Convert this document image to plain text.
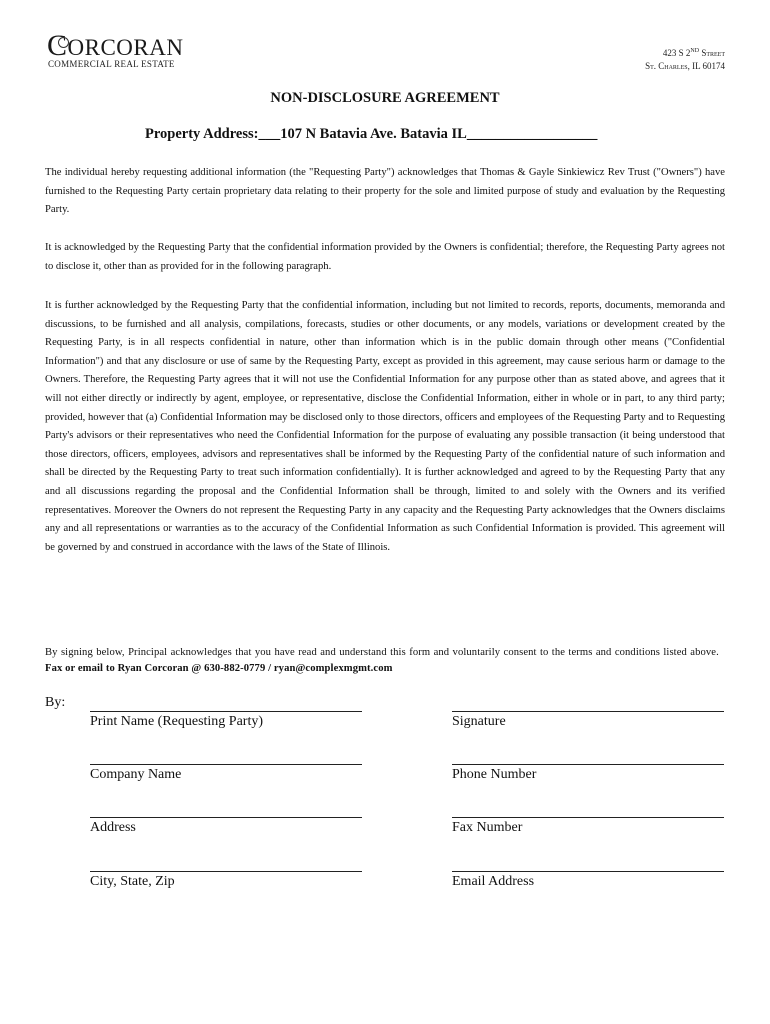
CORCORAN
COMMERCIAL REAL ESTATE
423 S 2ND Street
St. Charles, IL 60174
NON-DISCLOSURE AGREEMENT
Property Address:___107 N Batavia Ave. Batavia IL__________________
The individual hereby requesting additional information (the "Requesting Party") acknowledges that Thomas & Gayle Sinkiewicz Rev Trust ("Owners") have furnished to the Requesting Party certain proprietary data relating to their property for the sole and limited purpose of study and evaluation by the Requesting Party.
It is acknowledged by the Requesting Party that the confidential information provided by the Owners is confidential; therefore, the Requesting Party agrees not to disclose it, other than as provided for in the following paragraph.
It is further acknowledged by the Requesting Party that the confidential information, including but not limited to records, reports, documents, memoranda and discussions, to be furnished and all analysis, compilations, forecasts, studies or other documents, or any models, variations or development created by the Requesting Party, is in all respects confidential in nature, other than information which is in the public domain through other means ("Confidential Information") and that any disclosure or use of same by the Requesting Party, except as provided in this agreement, may cause serious harm or damage to the Owners. Therefore, the Requesting Party agrees that it will not use the Confidential Information for any purpose other than as stated above, and agrees that it will not either directly or indirectly by agent, employee, or representative, disclose the Confidential Information, either in whole or in part, to any third party; provided, however that (a) Confidential Information may be disclosed only to those directors, officers and employees of the Requesting Party and to Requesting Party's advisors or their representatives who need the Confidential Information for the purpose of evaluating any possible transaction (it being understood that those directors, officers, employees, advisors and representatives shall be informed by the Requesting Party of the confidential nature of such information and shall be directed by the Requesting Party to treat such information confidentially). It is further acknowledged and agreed to by the Requesting Party that any and all discussions regarding the proposal and the Confidential Information shall be through, limited to and solely with the Owners and its verified representatives. Moreover the Owners do not represent the Requesting Party in any capacity and the Requesting Party acknowledges that the Owners disclaims any and all representations or warranties as to the accuracy of the Confidential Information as such Confidential Information is provided. This agreement will be governed by and construed in accordance with the laws of the State of Illinois.
By signing below, Principal acknowledges that you have read and understand this form and voluntarily consent to the terms and conditions listed above.   Fax or email to Ryan Corcoran @ 630-882-0779 / ryan@complexmgmt.com
By:
Print Name (Requesting Party)	Signature
Company Name	Phone Number
Address	Fax Number
City, State, Zip	Email Address
